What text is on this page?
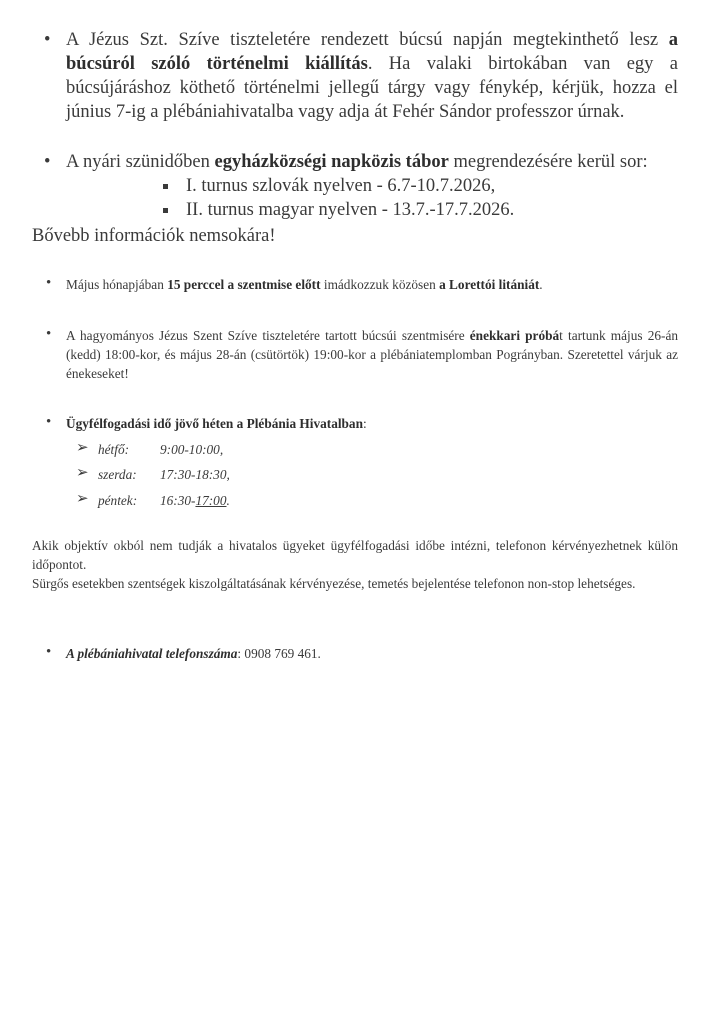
• A Jézus Szt. Szíve tiszteletére rendezett búcsú napján megtekinthető lesz a búcsúról szóló történelmi kiállítás. Ha valaki birtokában van egy a búcsújáráshoz köthető történelmi jellegű tárgy vagy fénykép, kérjük, hozza el június 7-ig a plébániahivatalba vagy adja át Fehér Sándor professzor úrnak.
• A nyári szünidőben egyházközségi napközis tábor megrendezésére kerül sor:
I. turnus szlovák nyelven - 6.7-10.7.2026,
II. turnus magyar nyelven - 13.7.-17.7.2026.
Bővebb információk nemsokára!
• Május hónapjában 15 perccel a szentmise előtt imádkozzuk közösen a Lorettói litániát.
• A hagyományos Jézus Szent Szíve tiszteletére tartott búcsúi szentmisére énekkari próbát tartunk május 26-án (kedd) 18:00-kor, és május 28-án (csütörtök) 19:00-kor a plébániatemplomban Pogrányban. Szeretettel várjuk az énekeseket!
• Ügyfélfogadási idő jövő héten a Plébánia Hivatalban:
➢ hétfő: 9:00-10:00,
➢ szerda: 17:30-18:30,
➢ péntek: 16:30-17:00.
Akik objektív okból nem tudják a hivatalos ügyeket ügyfélfogadási időbe intézni, telefonon kérvényezhetnek külön időpontot.
Sürgős esetekben szentségek kiszolgáltatásának kérvényezése, temetés bejelentése telefonon non-stop lehetséges.
• A plébániahivatal telefonszáma: 0908 769 461.
